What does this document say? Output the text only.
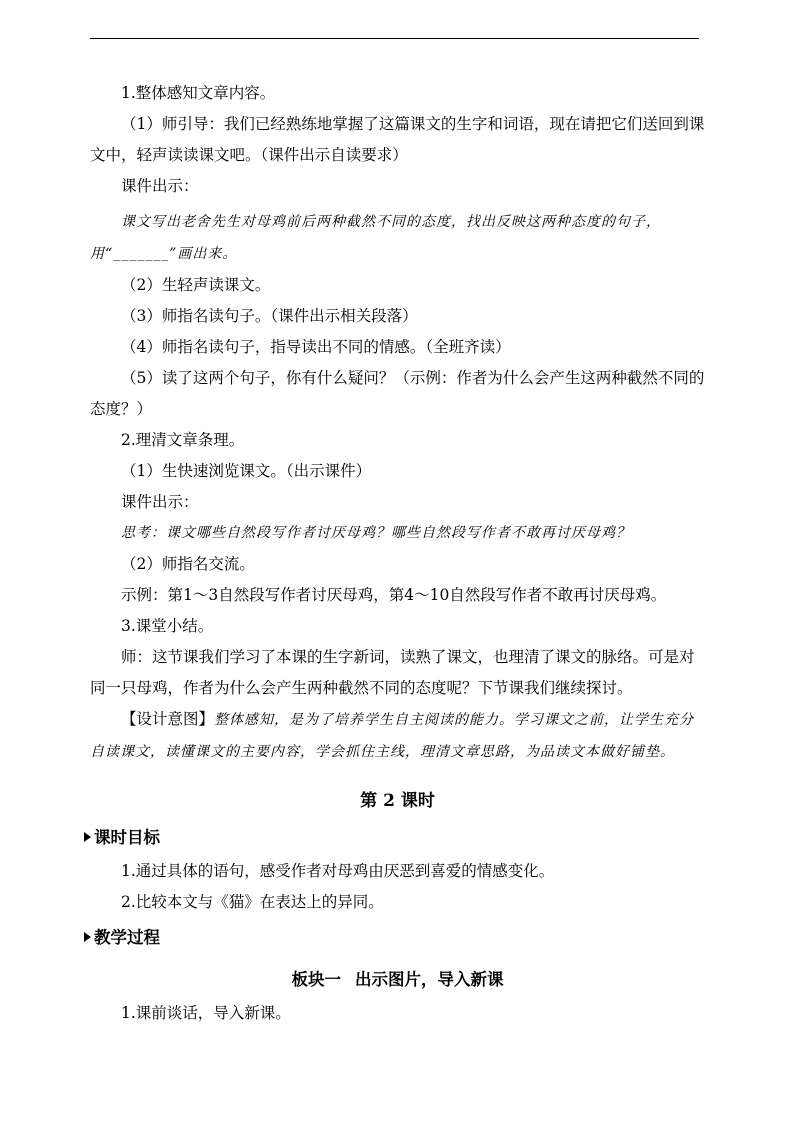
1.整体感知文章内容。

（1）师引导：我们已经熟练地掌握了这篇课文的生字和词语，现在请把它们送回到课文中，轻声读读课文吧。（课件出示自读要求）

课件出示：

课文写出老舍先生对母鸡前后两种截然不同的态度，找出反映这两种态度的句子，用“_______”画出来。

（2）生轻声读课文。

（3）师指名读句子。（课件出示相关段落）

（4）师指名读句子，指导读出不同的情感。（全班齐读）

（5）读了这两个句子，你有什么疑问？（示例：作者为什么会产生这两种截然不同的态度？）

2.理清文章条理。

（1）生快速浏览课文。（出示课件）

课件出示：

思考：课文哪些自然段写作者讨厌母鸡？哪些自然段写作者不敢再讨厌母鸡？

（2）师指名交流。

示例：第1～3自然段写作者讨厌母鸡，第4～10自然段写作者不敢再讨厌母鸡。

3.课堂小结。

师：这节课我们学习了本课的生字新词，读熟了课文，也理清了课文的脉络。可是对同一只母鸡，作者为什么会产生两种截然不同的态度呢？下节课我们继续探讨。

【设计意图】整体感知，是为了培养学生自主阅读的能力。学习课文之前，让学生充分自读课文，读懂课文的主要内容，学会抓住主线，理清文章思路，为品读文本做好铺垫。

第 2 课时
课时目标

1.通过具体的语句，感受作者对母鸡由厌恶到喜爱的情感变化。

2.比较本文与《猫》在表达上的异同。

教学过程
板块一 出示图片，导入新课

1.课前谈话，导入新课。
